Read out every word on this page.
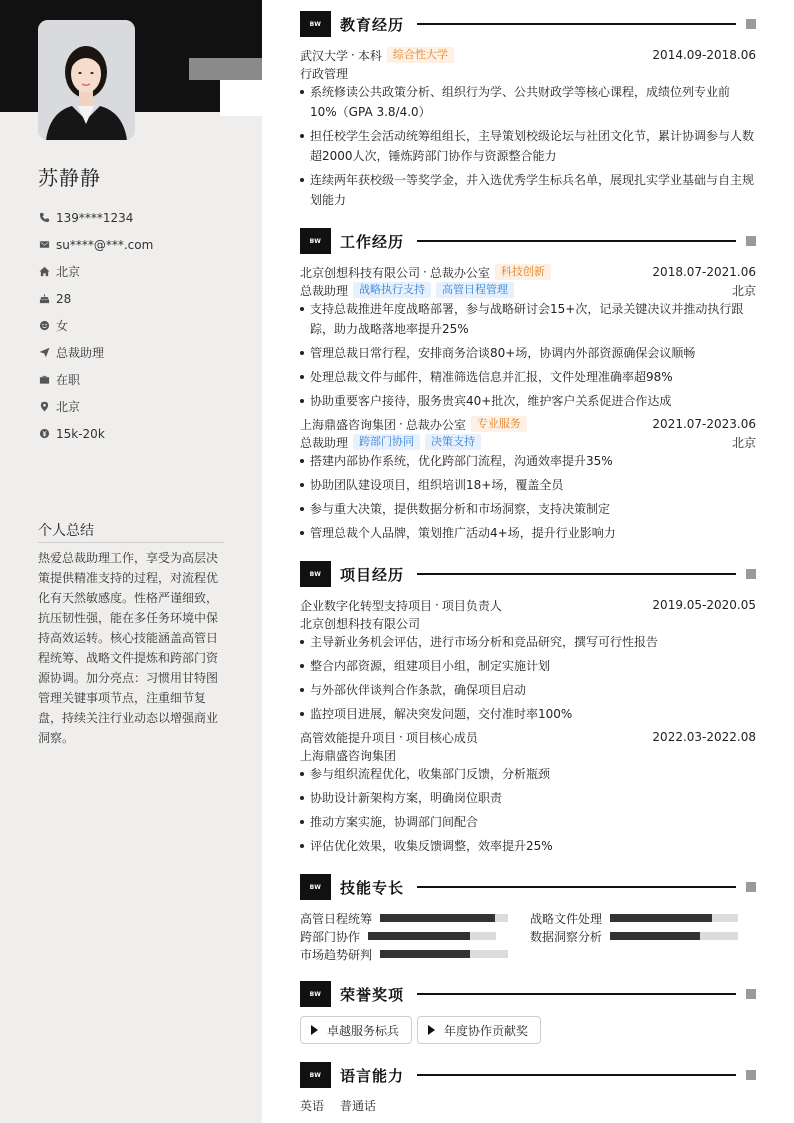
苏静静
139****1234
su****@***.com
北京
28
女
总裁助理
在职
北京
15k-20k
个人总结
热爱总裁助理工作，享受为高层决策提供精准支持的过程，对流程优化有天然敏感度。性格严谨细致，抗压韧性强，能在多任务环境中保持高效运转。核心技能涵盖高管日程统筹、战略文件提炼和跨部门资源协调。加分亮点：习惯用甘特图管理关键事项节点，注重细节复盘，持续关注行业动态以增强商业洞察。
BW	教育经历
武汉大学 · 本科	综合性大学	2014.09-2018.06
行政管理
系统修读公共政策分析、组织行为学、公共财政学等核心课程，成绩位列专业前10%（GPA 3.8/4.0）
担任校学生会活动统筹组组长，主导策划校级论坛与社团文化节，累计协调参与人数超2000人次，锤炼跨部门协作与资源整合能力
连续两年获校级一等奖学金，并入选优秀学生标兵名单，展现扎实学业基础与自主规划能力
BW	工作经历
北京创想科技有限公司 · 总裁办公室	科技创新	2018.07-2021.06
总裁助理	战略执行支持	高管日程管理	北京
支持总裁推进年度战略部署，参与战略研讨会15+次，记录关键决议并推动执行跟踪，助力战略落地率提升25%
管理总裁日常行程，安排商务洽谈80+场，协调内外部资源确保会议顺畅
处理总裁文件与邮件，精准筛选信息并汇报，文件处理准确率超98%
协助重要客户接待，服务贵宾40+批次，维护客户关系促进合作达成
上海鼎盛咨询集团 · 总裁办公室	专业服务	2021.07-2023.06
总裁助理	跨部门协同	决策支持	北京
搭建内部协作系统，优化跨部门流程，沟通效率提升35%
协助团队建设项目，组织培训18+场，覆盖全员
参与重大决策，提供数据分析和市场洞察，支持决策制定
管理总裁个人品牌，策划推广活动4+场，提升行业影响力
BW	项目经历
企业数字化转型支持项目 · 项目负责人	2019.05-2020.05
北京创想科技有限公司
主导新业务机会评估，进行市场分析和竞品研究，撰写可行性报告
整合内部资源，组建项目小组，制定实施计划
与外部伙伴谈判合作条款，确保项目启动
监控项目进展，解决突发问题，交付准时率100%
高管效能提升项目 · 项目核心成员	2022.03-2022.08
上海鼎盛咨询集团
参与组织流程优化，收集部门反馈，分析瓶颈
协助设计新架构方案，明确岗位职责
推动方案实施，协调部门间配合
评估优化效果，收集反馈调整，效率提升25%
BW	技能专长
高管日程统筹	战略文件处理
跨部门协作	数据洞察分析
市场趋势研判
BW	荣誉奖项
卓越服务标兵	年度协作贡献奖
BW	语言能力
英语 普通话
